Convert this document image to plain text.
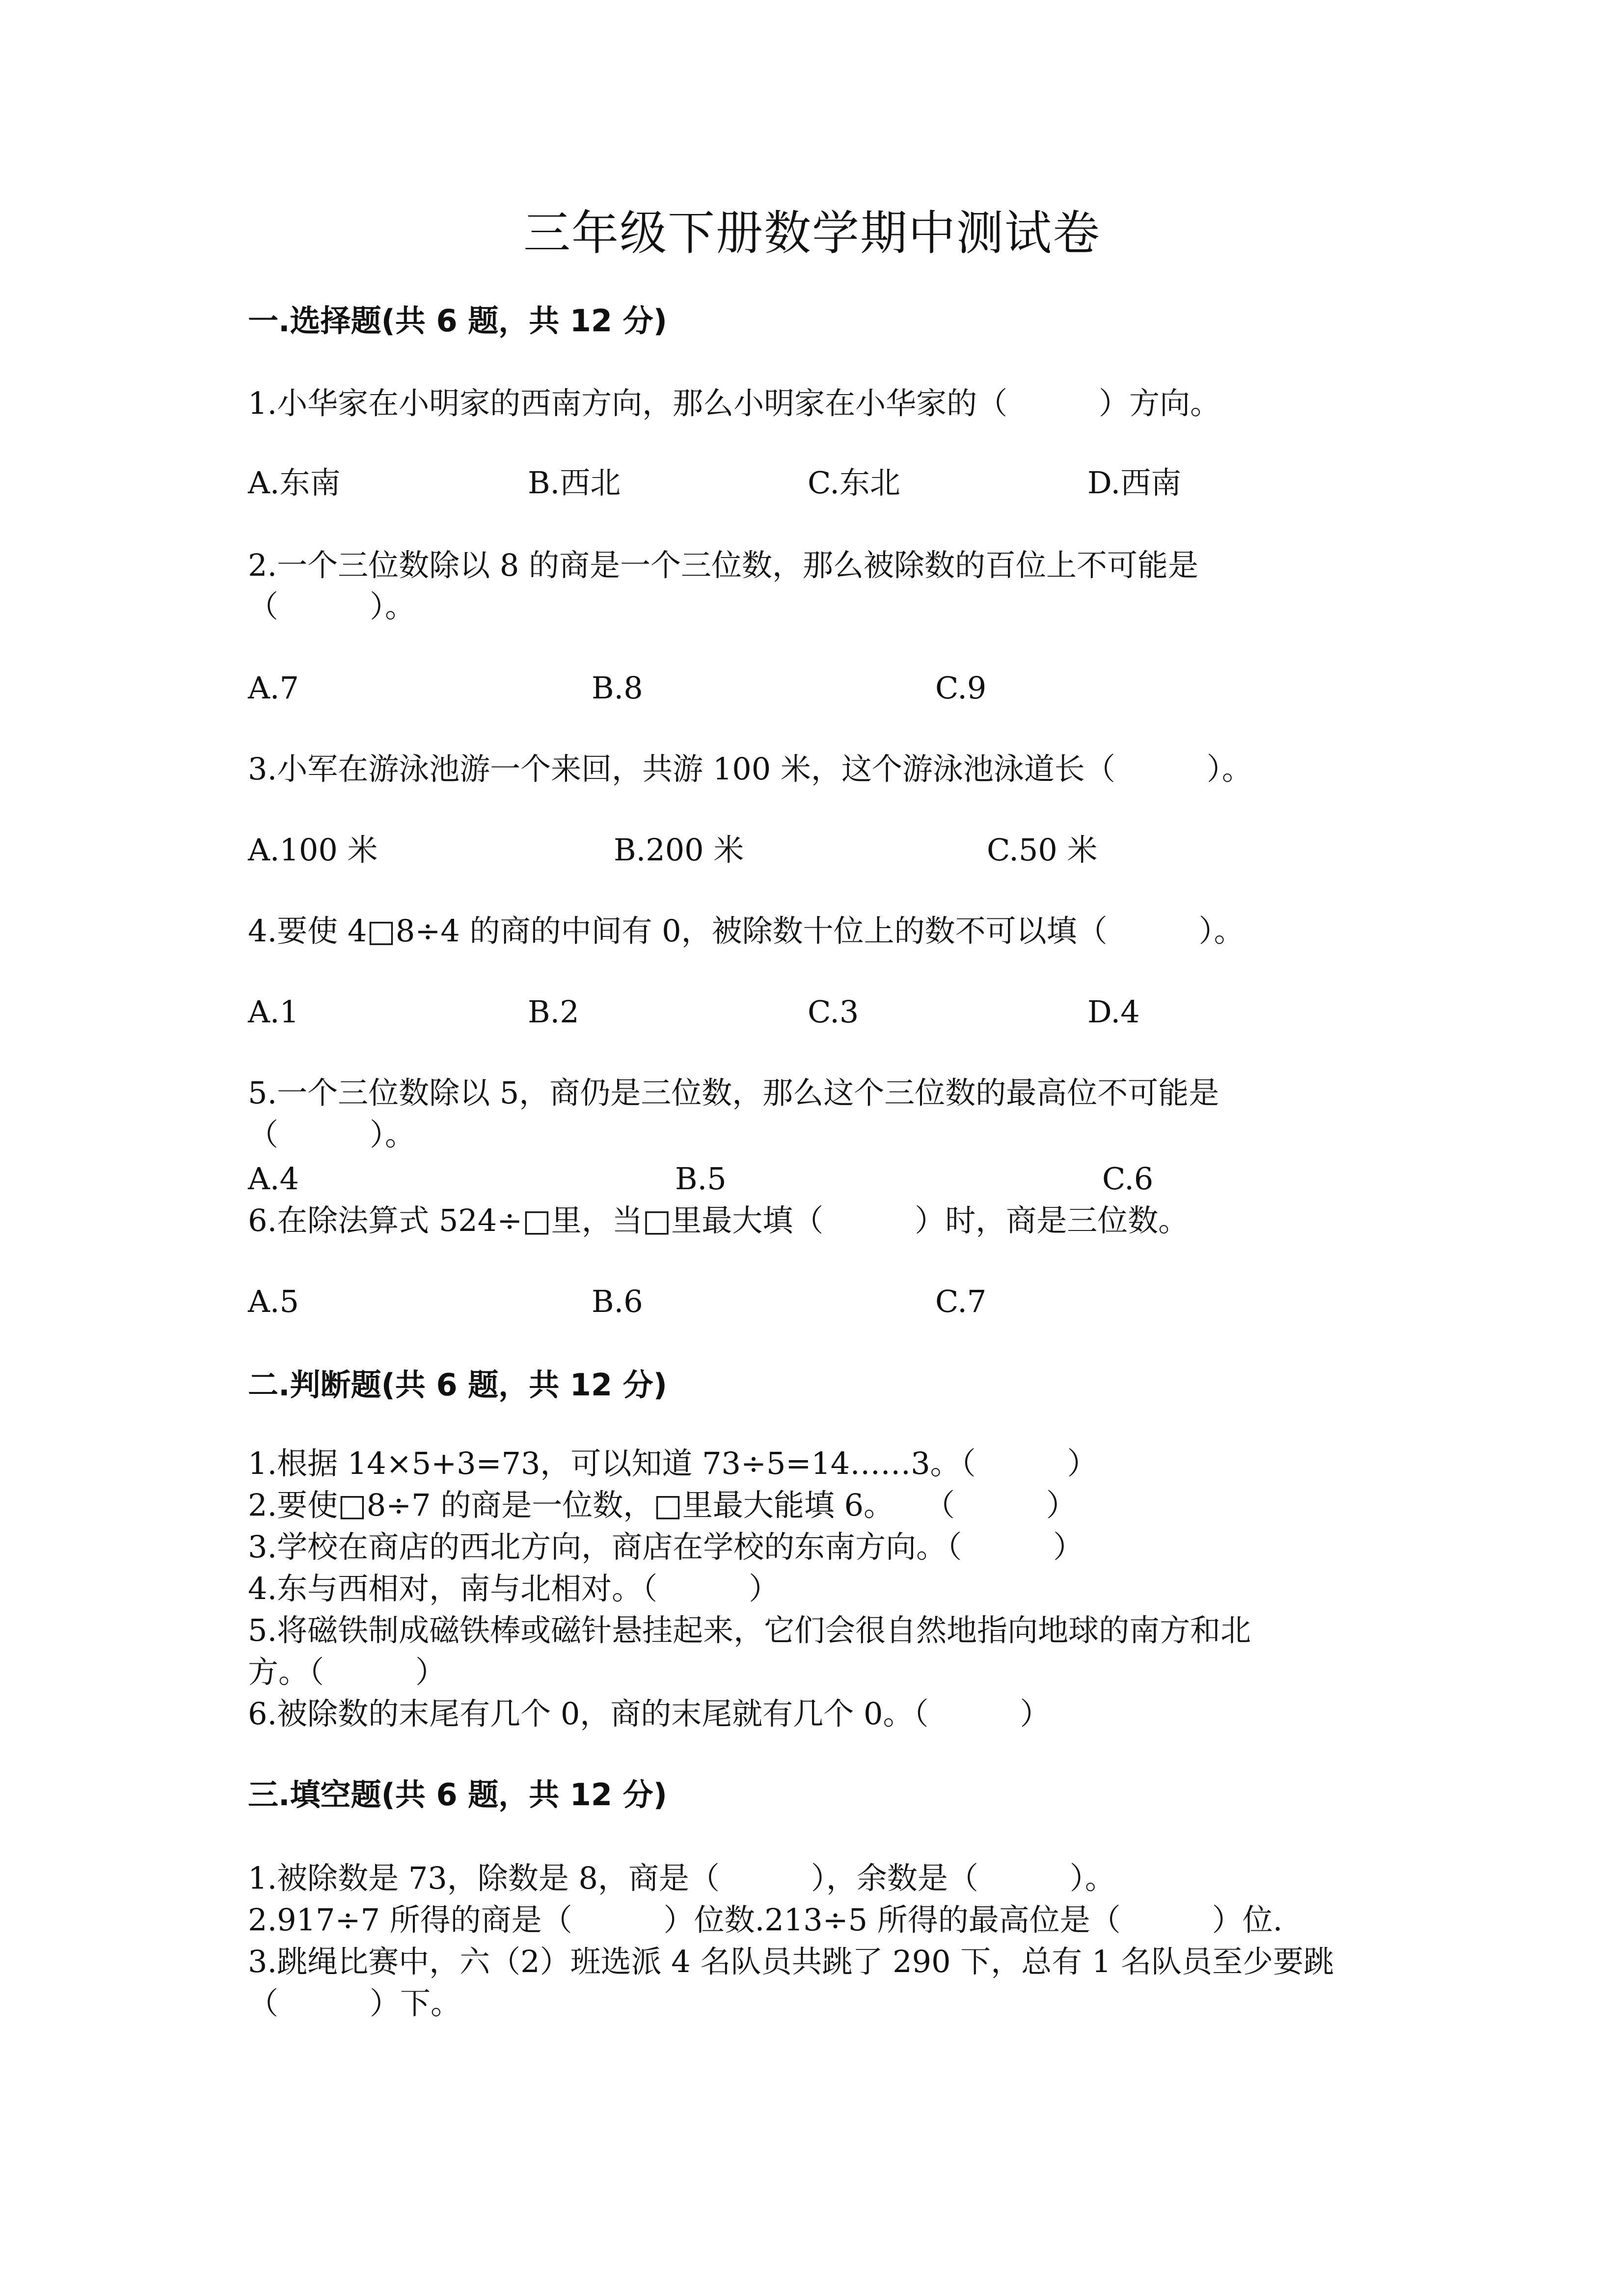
三年级下册数学期中测试卷
一.选择题(共 6 题，共 12 分)
1.小华家在小明家的西南方向，那么小明家在小华家的（　　　）方向。
A.东南	B.西北	C.东北	D.西南
2.一个三位数除以 8 的商是一个三位数，那么被除数的百位上不可能是
（　　　）。
A.7	B.8	C.9
3.小军在游泳池游一个来回，共游 100 米，这个游泳池泳道长（　　　）。
A.100 米	B.200 米	C.50 米
4.要使 4□8÷4 的商的中间有 0，被除数十位上的数不可以填（　　　）。
A.1	B.2	C.3	D.4
5.一个三位数除以 5，商仍是三位数，那么这个三位数的最高位不可能是
（　　　）。
A.4	B.5	C.6
6.在除法算式 524÷□里，当□里最大填（　　　）时，商是三位数。
A.5	B.6	C.7
二.判断题(共 6 题，共 12 分)
1.根据 14×5+3=73，可以知道 73÷5=14……3。（　　　）
2.要使□8÷7 的商是一位数，□里最大能填 6。　　（　　　）
3.学校在商店的西北方向，商店在学校的东南方向。（　　　）
4.东与西相对，南与北相对。（　　　）
5.将磁铁制成磁铁棒或磁针悬挂起来，它们会很自然地指向地球的南方和北
方。（　　　）
6.被除数的末尾有几个 0，商的末尾就有几个 0。（　　　）
三.填空题(共 6 题，共 12 分)
1.被除数是 73，除数是 8，商是（　　　），余数是（　　　）。
2.917÷7 所得的商是（　　　）位数.213÷5 所得的最高位是（　　　）位.
3.跳绳比赛中，六（2）班选派 4 名队员共跳了 290 下，总有 1 名队员至少要跳
（　　　）下。
